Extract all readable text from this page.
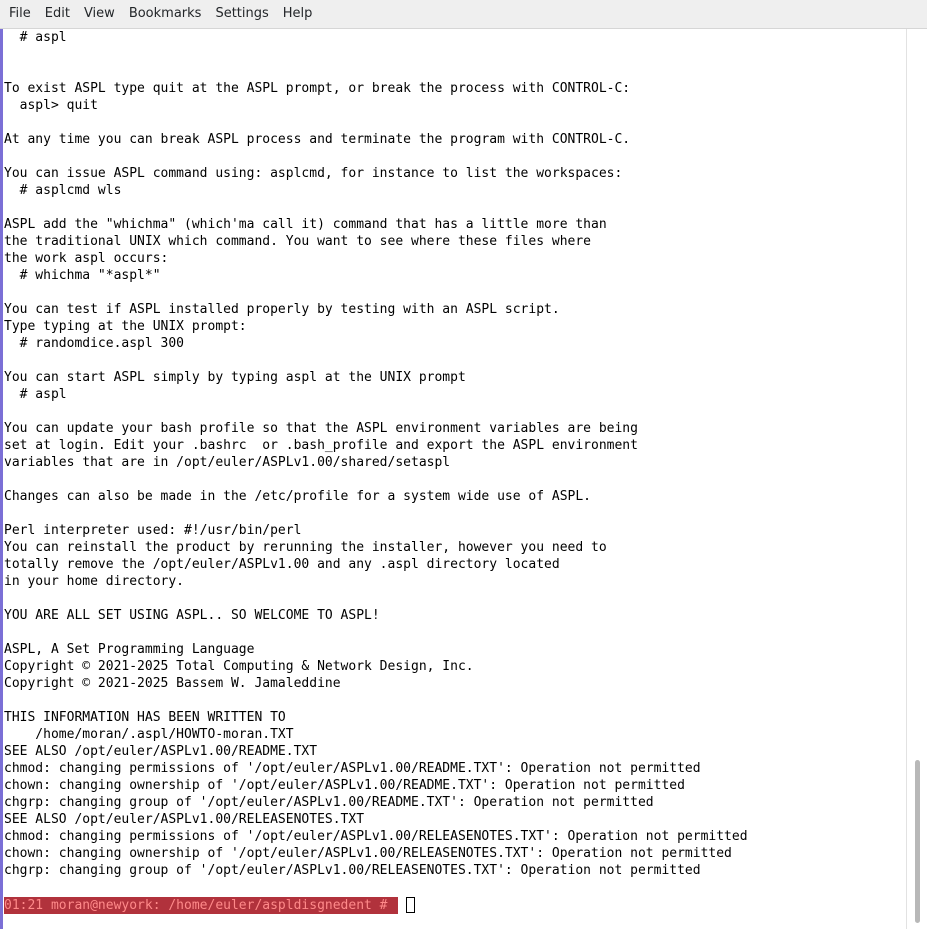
File	Edit	View	Bookmarks	Settings	Help
# aspl
To exist ASPL type quit at the ASPL prompt, or break the process with CONTROL-C:
aspl> quit
At any time you can break ASPL process and terminate the program with CONTROL-C.
You can issue ASPL command using: asplcmd, for instance to list the workspaces:
# asplcmd wls
ASPL add the "whichma" (which'ma call it) command that has a little more than
the traditional UNIX which command. You want to see where these files where
the work aspl occurs:
# whichma "*aspl*"
You can test if ASPL installed properly by testing with an ASPL script.
Type typing at the UNIX prompt:
# randomdice.aspl 300
You can start ASPL simply by typing aspl at the UNIX prompt
# aspl
You can update your bash profile so that the ASPL environment variables are being
set at login. Edit your .bashrc  or .bash_profile and export the ASPL environment
variables that are in /opt/euler/ASPLv1.00/shared/setaspl
Changes can also be made in the /etc/profile for a system wide use of ASPL.
Perl interpreter used: #!/usr/bin/perl
You can reinstall the product by rerunning the installer, however you need to
totally remove the /opt/euler/ASPLv1.00 and any .aspl directory located
in your home directory.
YOU ARE ALL SET USING ASPL.. SO WELCOME TO ASPL!
ASPL, A Set Programming Language
Copyright © 2021-2025 Total Computing & Network Design, Inc.
Copyright © 2021-2025 Bassem W. Jamaleddine
THIS INFORMATION HAS BEEN WRITTEN TO
/home/moran/.aspl/HOWTO-moran.TXT
SEE ALSO /opt/euler/ASPLv1.00/README.TXT
chmod: changing permissions of '/opt/euler/ASPLv1.00/README.TXT': Operation not permitted
chown: changing ownership of '/opt/euler/ASPLv1.00/README.TXT': Operation not permitted
chgrp: changing group of '/opt/euler/ASPLv1.00/README.TXT': Operation not permitted
SEE ALSO /opt/euler/ASPLv1.00/RELEASENOTES.TXT
chmod: changing permissions of '/opt/euler/ASPLv1.00/RELEASENOTES.TXT': Operation not permitted
chown: changing ownership of '/opt/euler/ASPLv1.00/RELEASENOTES.TXT': Operation not permitted
chgrp: changing group of '/opt/euler/ASPLv1.00/RELEASENOTES.TXT': Operation not permitted
01:21 moran@newyork: /home/euler/aspldisgnedent #
